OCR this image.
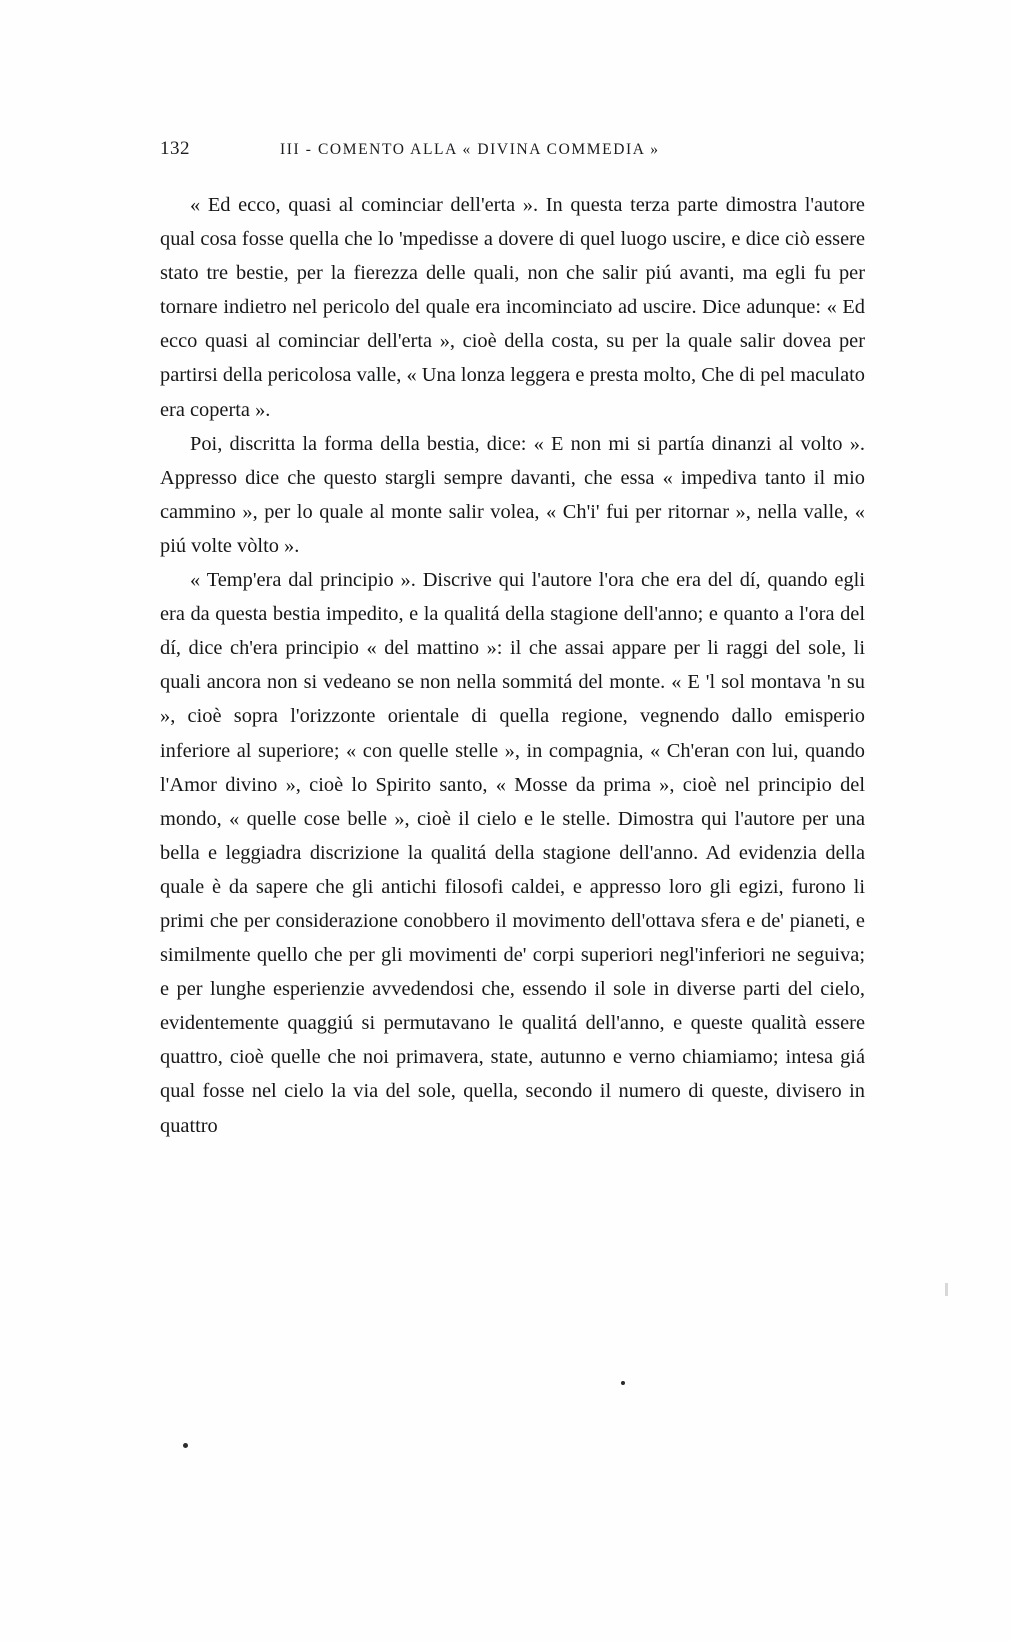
132	III - COMENTO ALLA « DIVINA COMMEDIA »

« Ed ecco, quasi al cominciar dell'erta ». In questa terza parte dimostra l'autore qual cosa fosse quella che lo 'mpedisse a dovere di quel luogo uscire, e dice ciò essere stato tre bestie, per la fierezza delle quali, non che salir piú avanti, ma egli fu per tornare indietro nel pericolo del quale era incominciato ad uscire. Dice adunque: « Ed ecco quasi al cominciar dell'erta », cioè della costa, su per la quale salir dovea per partirsi della pericolosa valle, « Una lonza leggera e presta molto, Che di pel maculato era coperta ».

Poi, discritta la forma della bestia, dice: « E non mi si partía dinanzi al volto ». Appresso dice che questo stargli sempre davanti, che essa « impediva tanto il mio cammino », per lo quale al monte salir volea, « Ch'i' fui per ritornar », nella valle, « piú volte vòlto ».

« Temp'era dal principio ». Discrive qui l'autore l'ora che era del dí, quando egli era da questa bestia impedito, e la qualitá della stagione dell'anno; e quanto a l'ora del dí, dice ch'era principio « del mattino »: il che assai appare per li raggi del sole, li quali ancora non si vedeano se non nella sommitá del monte. « E 'l sol montava 'n su », cioè sopra l'orizzonte orientale di quella regione, vegnendo dallo emisperio inferiore al superiore; « con quelle stelle », in compagnia, « Ch'eran con lui, quando l'Amor divino », cioè lo Spirito santo, « Mosse da prima », cioè nel principio del mondo, « quelle cose belle », cioè il cielo e le stelle. Dimostra qui l'autore per una bella e leggiadra discrizione la qualitá della stagione dell'anno. Ad evidenzia della quale è da sapere che gli antichi filosofi caldei, e appresso loro gli egizi, furono li primi che per considerazione conobbero il movimento dell'ottava sfera e de' pianeti, e similmente quello che per gli movimenti de' corpi superiori negl'inferiori ne seguiva; e per lunghe esperienzie avvedendosi che, essendo il sole in diverse parti del cielo, evidentemente quaggiú si permutavano le qualitá dell'anno, e queste qualità essere quattro, cioè quelle che noi primavera, state, autunno e verno chiamiamo; intesa giá qual fosse nel cielo la via del sole, quella, secondo il numero di queste, divisero in quattro
